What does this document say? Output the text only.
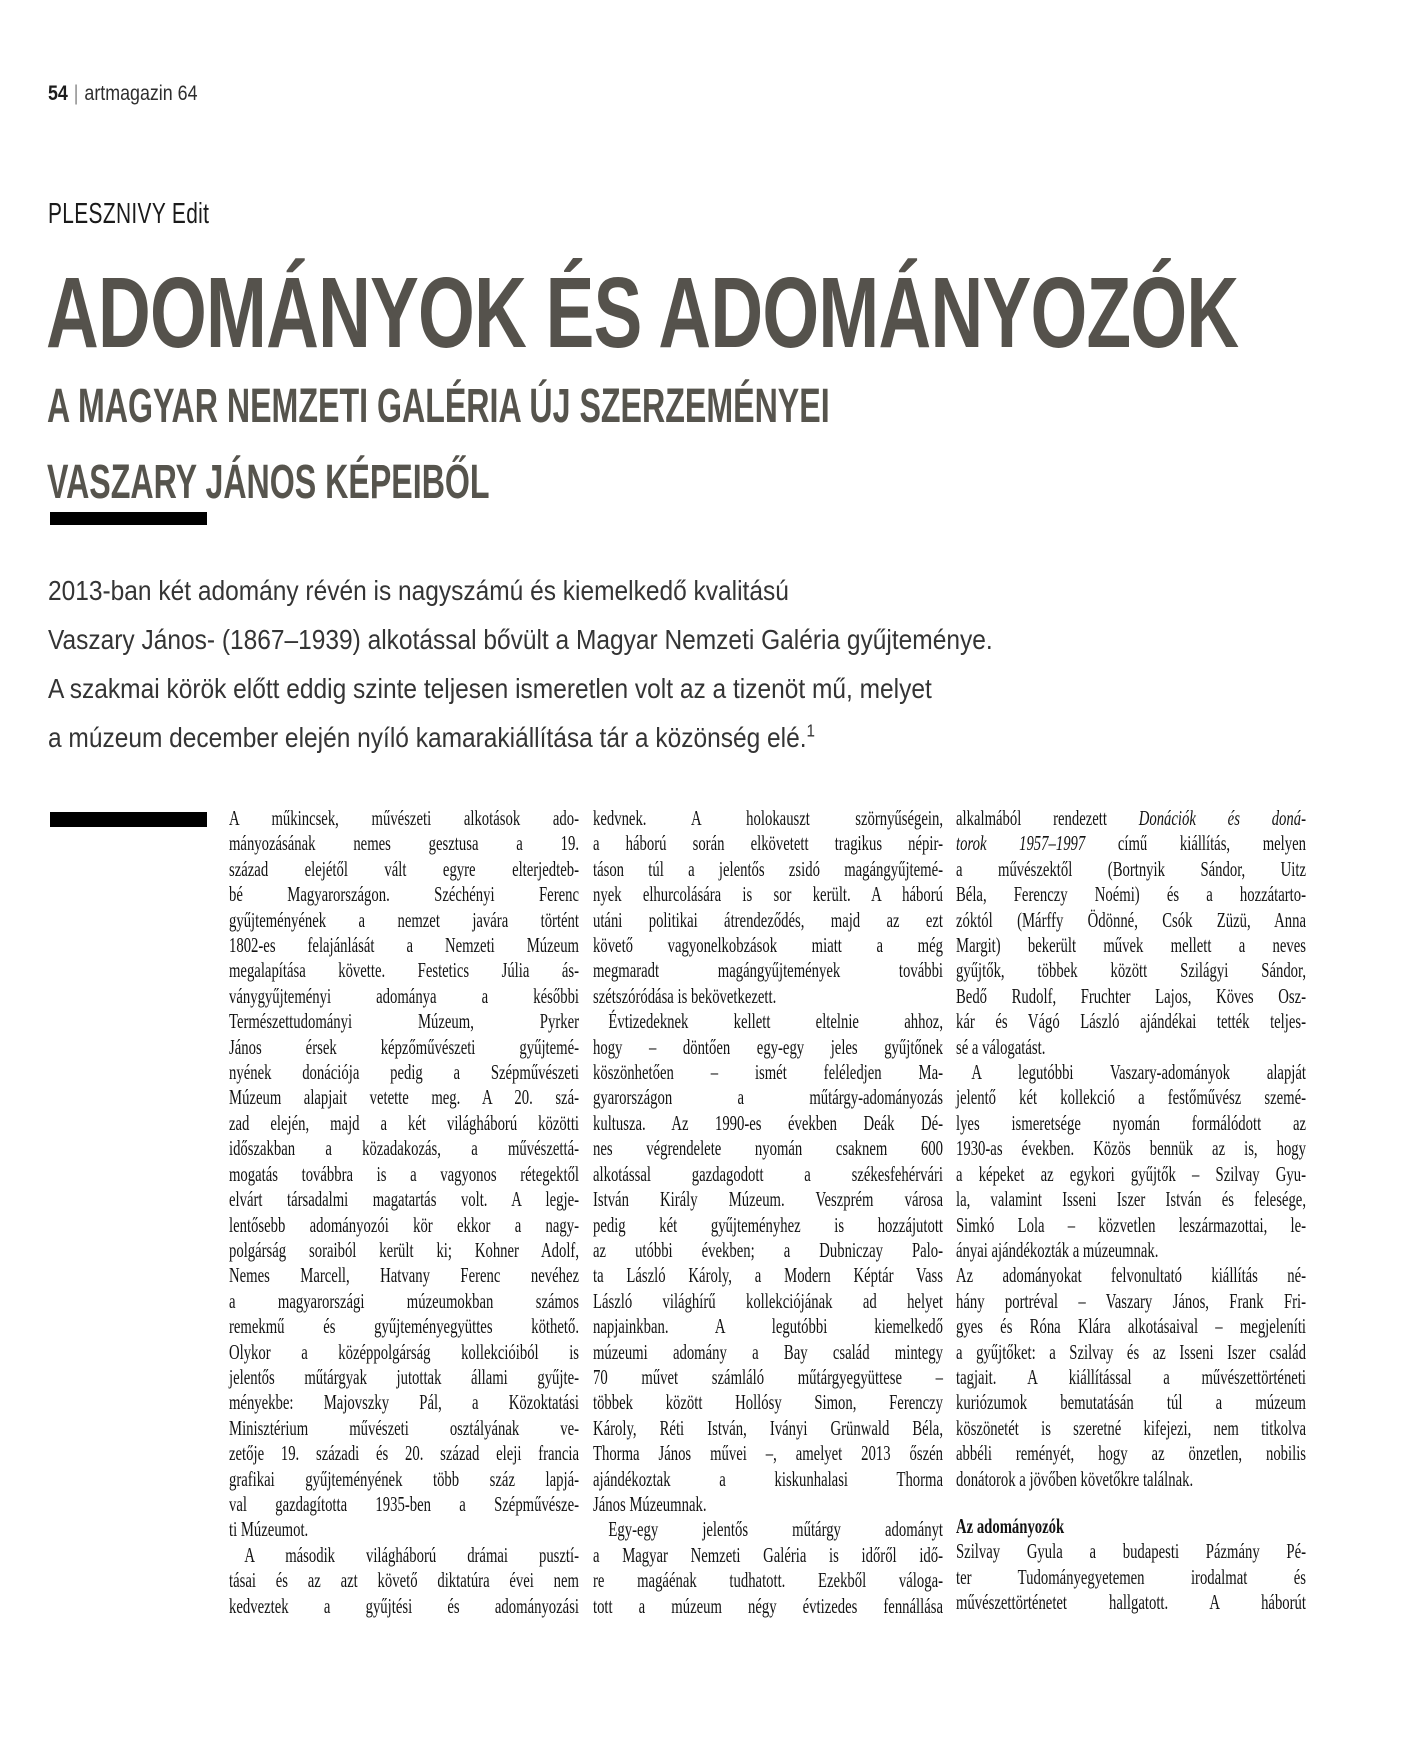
54 | artmagazin 64
PLESZNIVY Edit
ADOMÁNYOK ÉS ADOMÁNYOZÓK
A MAGYAR NEMZETI GALÉRIA ÚJ SZERZEMÉNYEI
VASZARY JÁNOS KÉPEIBŐL
2013-ban két adomány révén is nagyszámú és kiemelkedő kvalitású
Vaszary János- (1867–1939) alkotással bővült a Magyar Nemzeti Galéria gyűjteménye.
A szakmai körök előtt eddig szinte teljesen ismeretlen volt az a tizenöt mű, melyet
a múzeum december elején nyíló kamarakiállítása tár a közönség elé.$^1$
A műkincsek, művészeti alkotások ado-
mányozásának nemes gesztusa a 19.
század elejétől vált egyre elterjedteb-
bé Magyarországon. Széchényi Ferenc
gyűjteményének a nemzet javára történt
1802-es felajánlását a Nemzeti Múzeum
megalapítása követte. Festetics Júlia ás-
ványgyűjteményi adománya a későbbi
Természettudományi Múzeum, Pyrker
János érsek képzőművészeti gyűjtemé-
nyének donációja pedig a Szépművészeti
Múzeum alapjait vetette meg. A 20. szá-
zad elején, majd a két világháború közötti
időszakban a közadakozás, a művészettá-
mogatás továbbra is a vagyonos rétegektől
elvárt társadalmi magatartás volt. A legje-
lentősebb adományozói kör ekkor a nagy-
polgárság soraiból került ki; Kohner Adolf,
Nemes Marcell, Hatvany Ferenc nevéhez
a magyarországi múzeumokban számos
remekmű és gyűjteményegyüttes köthető.
Olykor a középpolgárság kollekcióiból is
jelentős műtárgyak jutottak állami gyűjte-
ményekbe: Majovszky Pál, a Közoktatási
Minisztérium művészeti osztályának ve-
zetője 19. századi és 20. század eleji francia
grafikai gyűjteményének több száz lapjá-
val gazdagította 1935-ben a Szépművésze-
ti Múzeumot.
A második világháború drámai pusztí-
tásai és az azt követő diktatúra évei nem
kedveztek a gyűjtési és adományozási
kedvnek. A holokauszt szörnyűségein,
a háború során elkövetett tragikus népir-
táson túl a jelentős zsidó magángyűjtemé-
nyek elhurcolására is sor került. A háború
utáni politikai átrendeződés, majd az ezt
követő vagyonelkobzások miatt a még
megmaradt magángyűjtemények további
szétszóródása is bekövetkezett.
Évtizedeknek kellett eltelnie ahhoz,
hogy – döntően egy-egy jeles gyűjtőnek
köszönhetően – ismét feléledjen Ma-
gyarországon a műtárgy-adományozás
kultusza. Az 1990-es években Deák Dé-
nes végrendelete nyomán csaknem 600
alkotással gazdagodott a székesfehérvári
István Király Múzeum. Veszprém városa
pedig két gyűjteményhez is hozzájutott
az utóbbi években; a Dubniczay Palo-
ta László Károly, a Modern Képtár Vass
László világhírű kollekciójának ad helyet
napjainkban. A legutóbbi kiemelkedő
múzeumi adomány a Bay család mintegy
70 művet számláló műtárgyegyüttese –
többek között Hollósy Simon, Ferenczy
Károly, Réti István, Iványi Grünwald Béla,
Thorma János művei –, amelyet 2013 őszén
ajándékoztak a kiskunhalasi Thorma
János Múzeumnak.
Egy-egy jelentős műtárgy adományt
a Magyar Nemzeti Galéria is időről idő-
re magáénak tudhatott. Ezekből váloga-
tott a múzeum négy évtizedes fennállása
alkalmából rendezett Donációk és doná-
torok 1957–1997 című kiállítás, melyen
a művészektől (Bortnyik Sándor, Uitz
Béla, Ferenczy Noémi) és a hozzátarto-
zóktól (Márffy Ödönné, Csók Züzü, Anna
Margit) bekerült művek mellett a neves
gyűjtők, többek között Szilágyi Sándor,
Bedő Rudolf, Fruchter Lajos, Köves Osz-
kár és Vágó László ajándékai tették teljes-
sé a válogatást.
A legutóbbi Vaszary-adományok alapját
jelentő két kollekció a festőművész szemé-
lyes ismeretsége nyomán formálódott az
1930-as években. Közös bennük az is, hogy
a képeket az egykori gyűjtők – Szilvay Gyu-
la, valamint Isseni Iszer István és felesége,
Simkó Lola – közvetlen leszármazottai, le-
ányai ajándékozták a múzeumnak.
Az adományokat felvonultató kiállítás né-
hány portréval – Vaszary János, Frank Fri-
gyes és Róna Klára alkotásaival – megjeleníti
a gyűjtőket: a Szilvay és az Isseni Iszer család
tagjait. A kiállítással a művészettörténeti
kuriózumok bemutatásán túl a múzeum
köszönetét is szeretné kifejezi, nem titkolva
abbéli reményét, hogy az önzetlen, nobilis
donátorok a jövőben követőkre találnak.
Az adományozók
Szilvay Gyula a budapesti Pázmány Pé-
ter Tudományegyetemen irodalmat és
művészettörténetet hallgatott. A háborút
